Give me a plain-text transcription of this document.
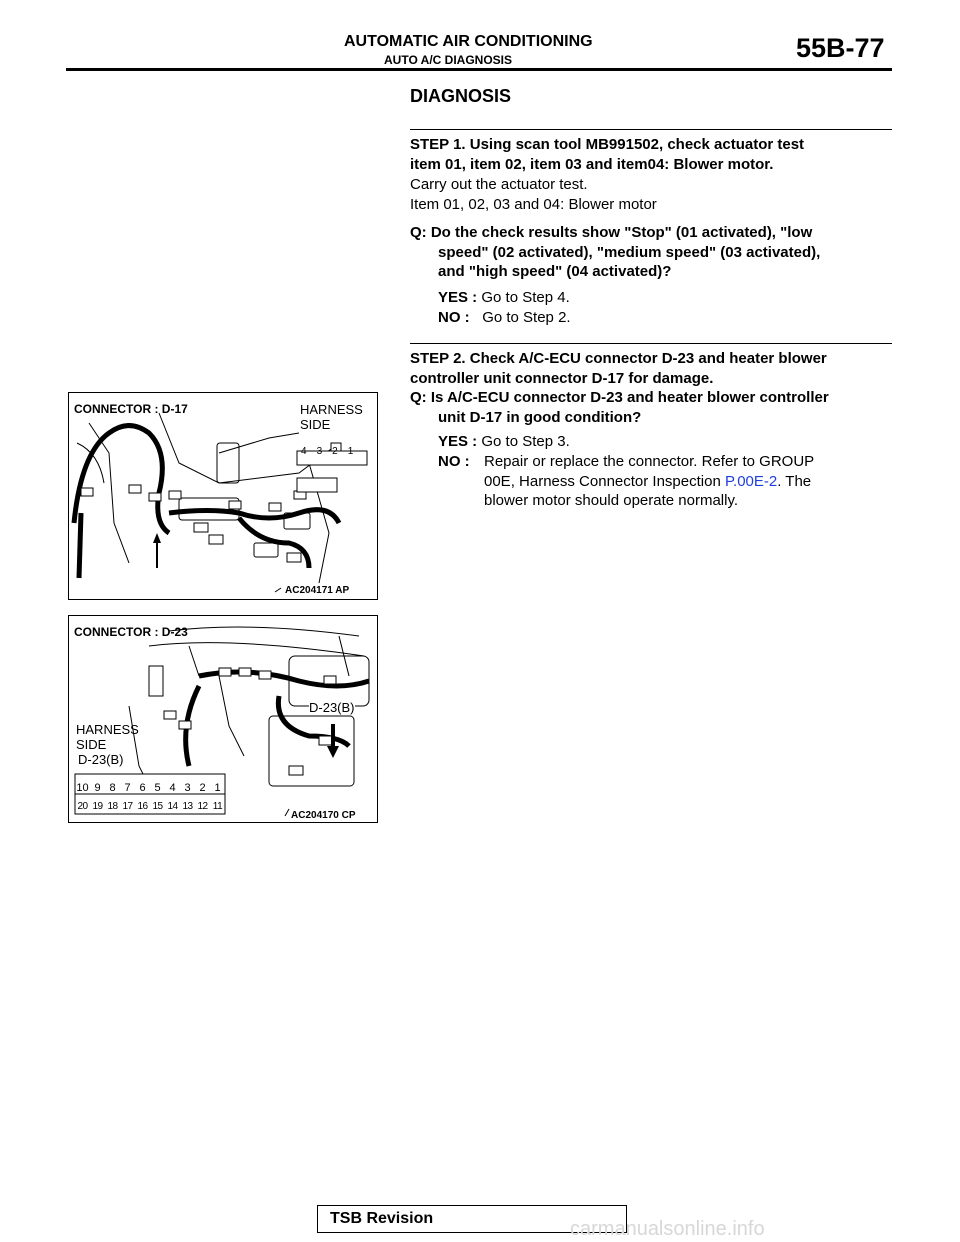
AUTOMATIC AIR CONDITIONING
AUTO A/C DIAGNOSIS	55B-77
DIAGNOSIS
STEP 1. Using scan tool MB991502, check actuator test
item 01, item 02, item 03 and item04: Blower motor.
Carry out the actuator test.
Item 01, 02, 03 and 04: Blower motor
Q: Do the check results show "Stop" (01 activated), "low
speed" (02 activated), "medium speed" (03 activated),
and "high speed" (04 activated)?
YES : Go to Step 4.
NO : Go to Step 2.
STEP 2. Check A/C-ECU connector D-23 and heater blower
controller unit connector D-17 for damage.
Q: Is A/C-ECU connector D-23 and heater blower controller
unit D-17 in good condition?
YES : Go to Step 3.
NO : Repair or replace the connector. Refer to GROUP
00E, Harness Connector Inspection P.00E-2. The
blower motor should operate normally.
CONNECTOR : D-17	HARNESS
SIDE
4321
AC204171 AP
CONNECTOR : D-23
D-23(B)
HARNESS
SIDE
D-23(B)
10 9 8 7 6 5 4 3 2 1
20 19 18 17 16 15 14 13 12 11
AC204170 CP
TSB Revision	carmanualsonline.info
